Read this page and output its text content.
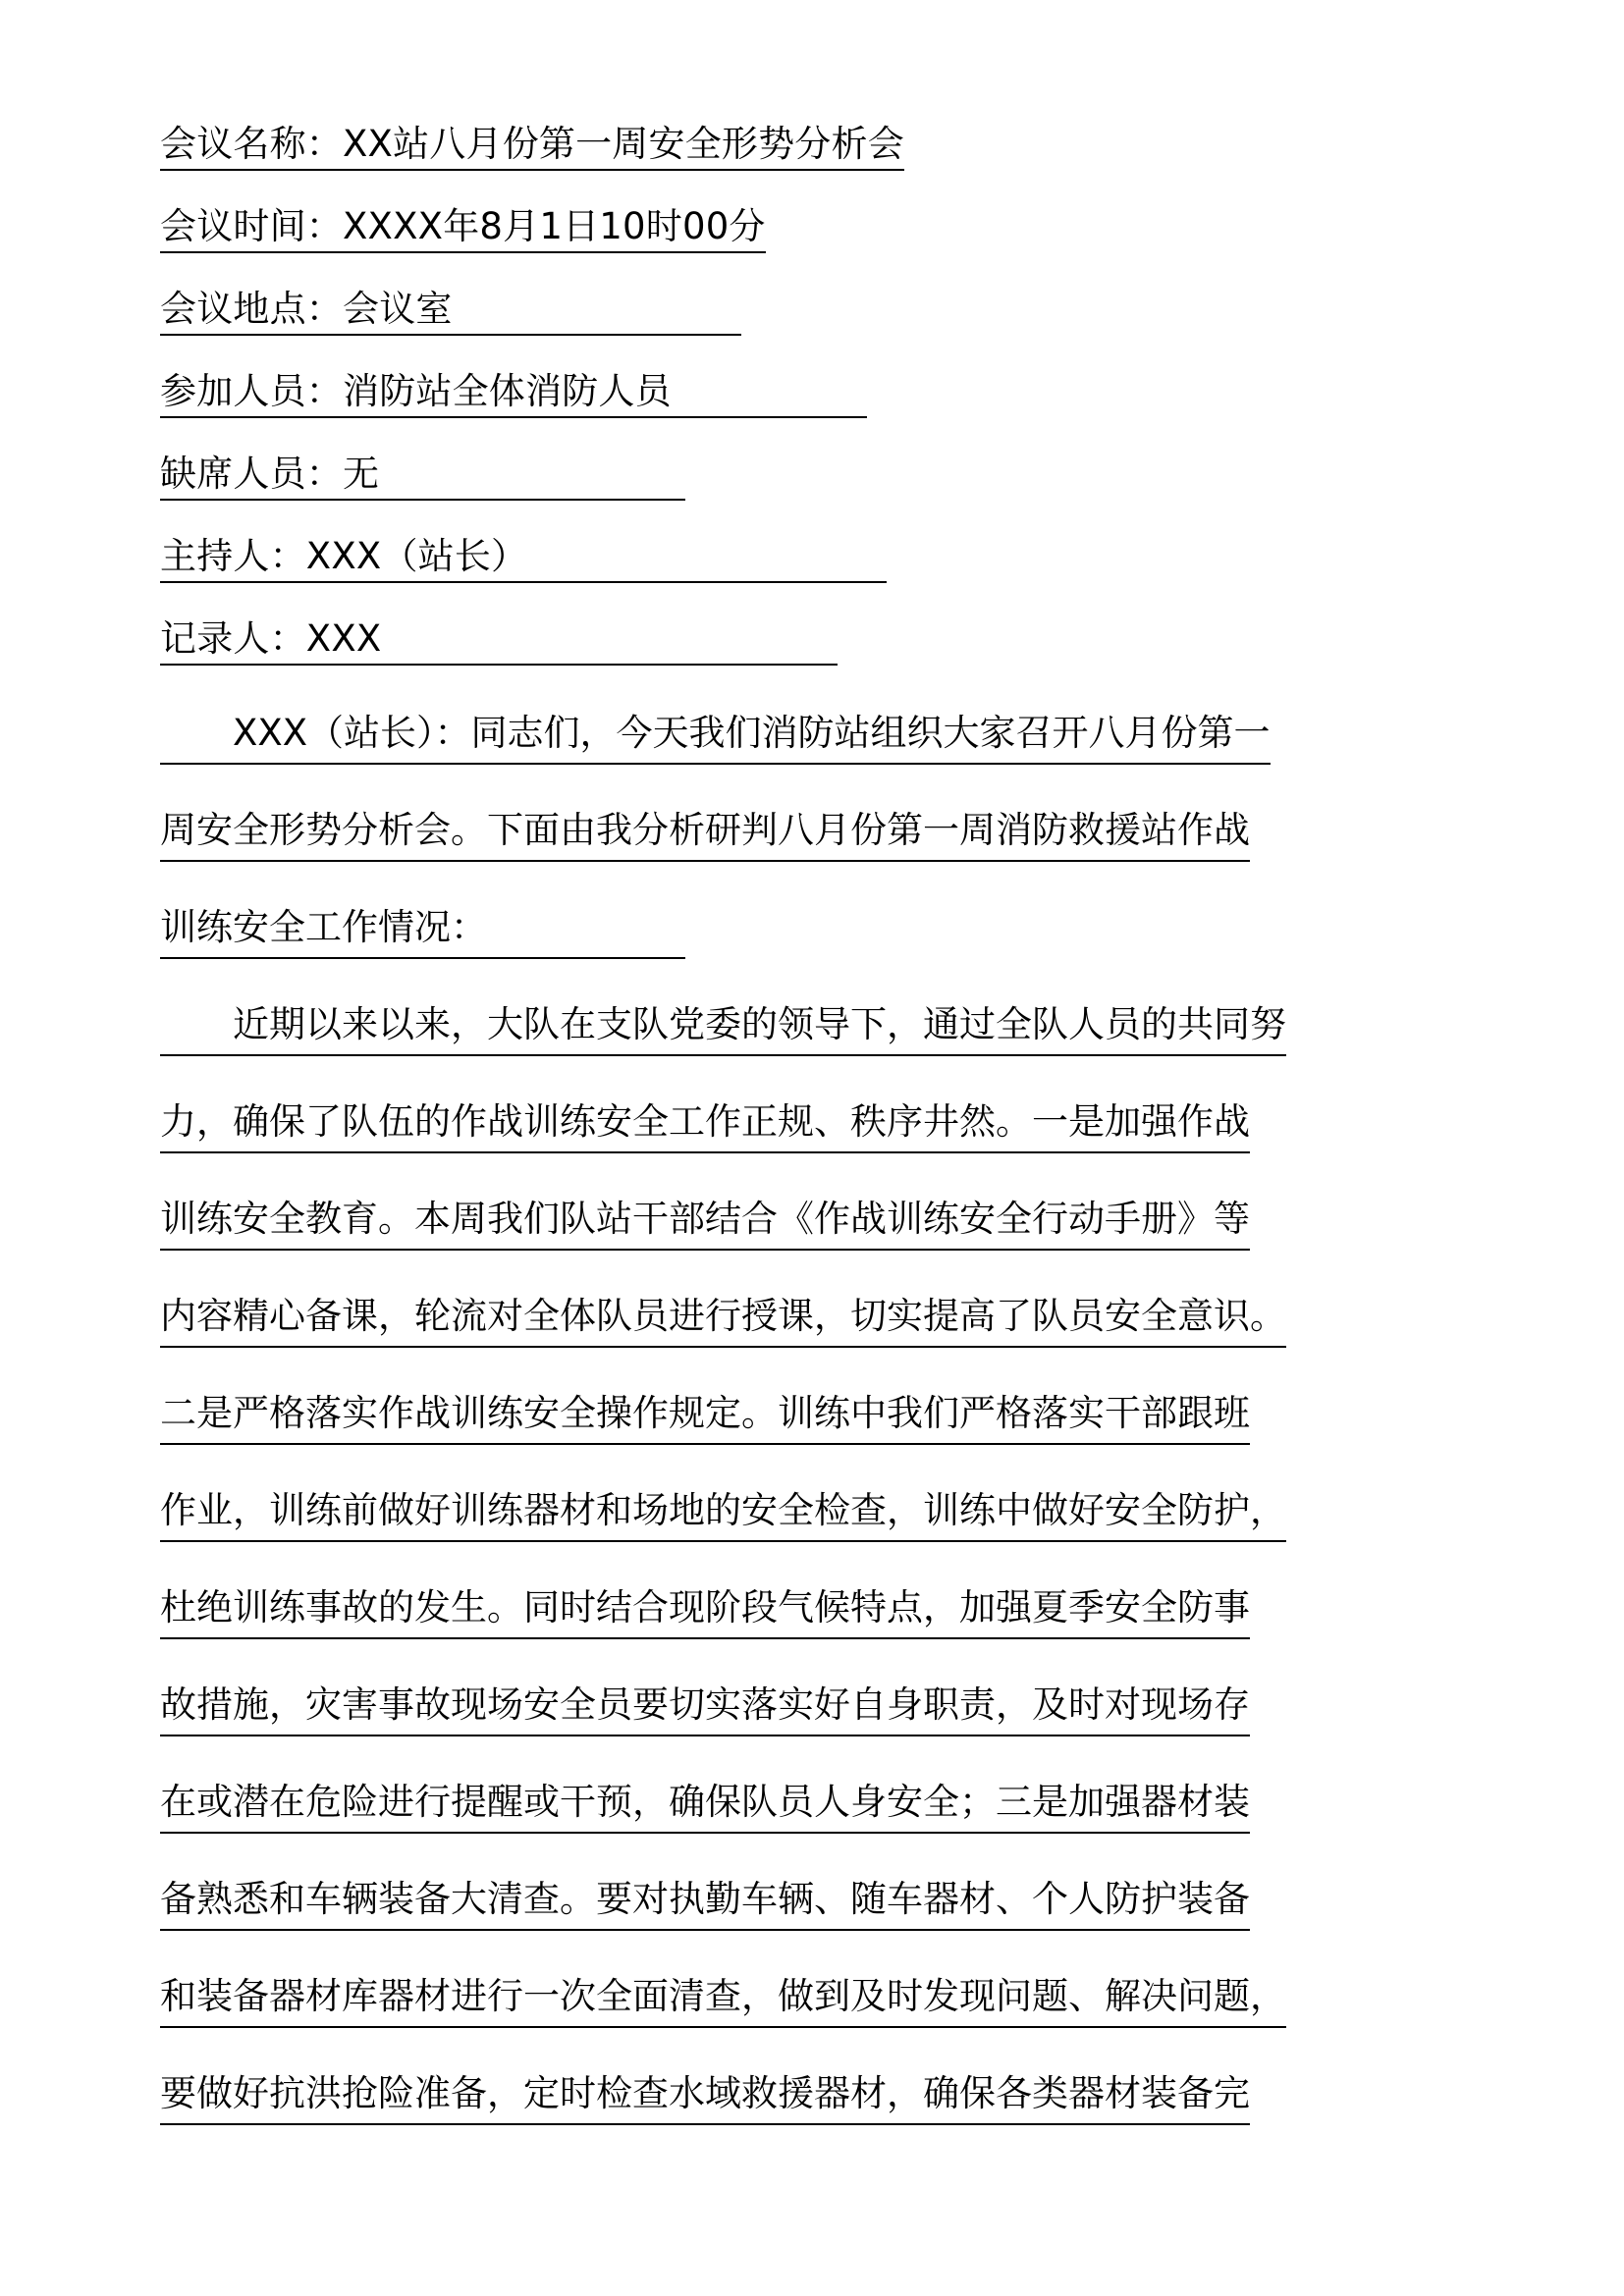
会议名称：XX站八月份第一周安全形势分析会
会议时间：XXXX年8月1日10时00分
会议地点：会议室
参加人员：消防站全体消防人员
缺席人员：无
主持人：XXX（站长）
记录人：XXX
　　XXX（站长）：同志们，今天我们消防站组织大家召开八月份第一
周安全形势分析会。下面由我分析研判八月份第一周消防救援站作战
训练安全工作情况：
　　近期以来以来，大队在支队党委的领导下，通过全队人员的共同努
力，确保了队伍的作战训练安全工作正规、秩序井然。一是加强作战
训练安全教育。本周我们队站干部结合《作战训练安全行动手册》等
内容精心备课，轮流对全体队员进行授课，切实提高了队员安全意识。
二是严格落实作战训练安全操作规定。训练中我们严格落实干部跟班
作业，训练前做好训练器材和场地的安全检查，训练中做好安全防护，
杜绝训练事故的发生。同时结合现阶段气候特点，加强夏季安全防事
故措施，灾害事故现场安全员要切实落实好自身职责，及时对现场存
在或潜在危险进行提醒或干预，确保队员人身安全；三是加强器材装
备熟悉和车辆装备大清查。要对执勤车辆、随车器材、个人防护装备
和装备器材库器材进行一次全面清查，做到及时发现问题、解决问题，
要做好抗洪抢险准备，定时检查水域救援器材，确保各类器材装备完
